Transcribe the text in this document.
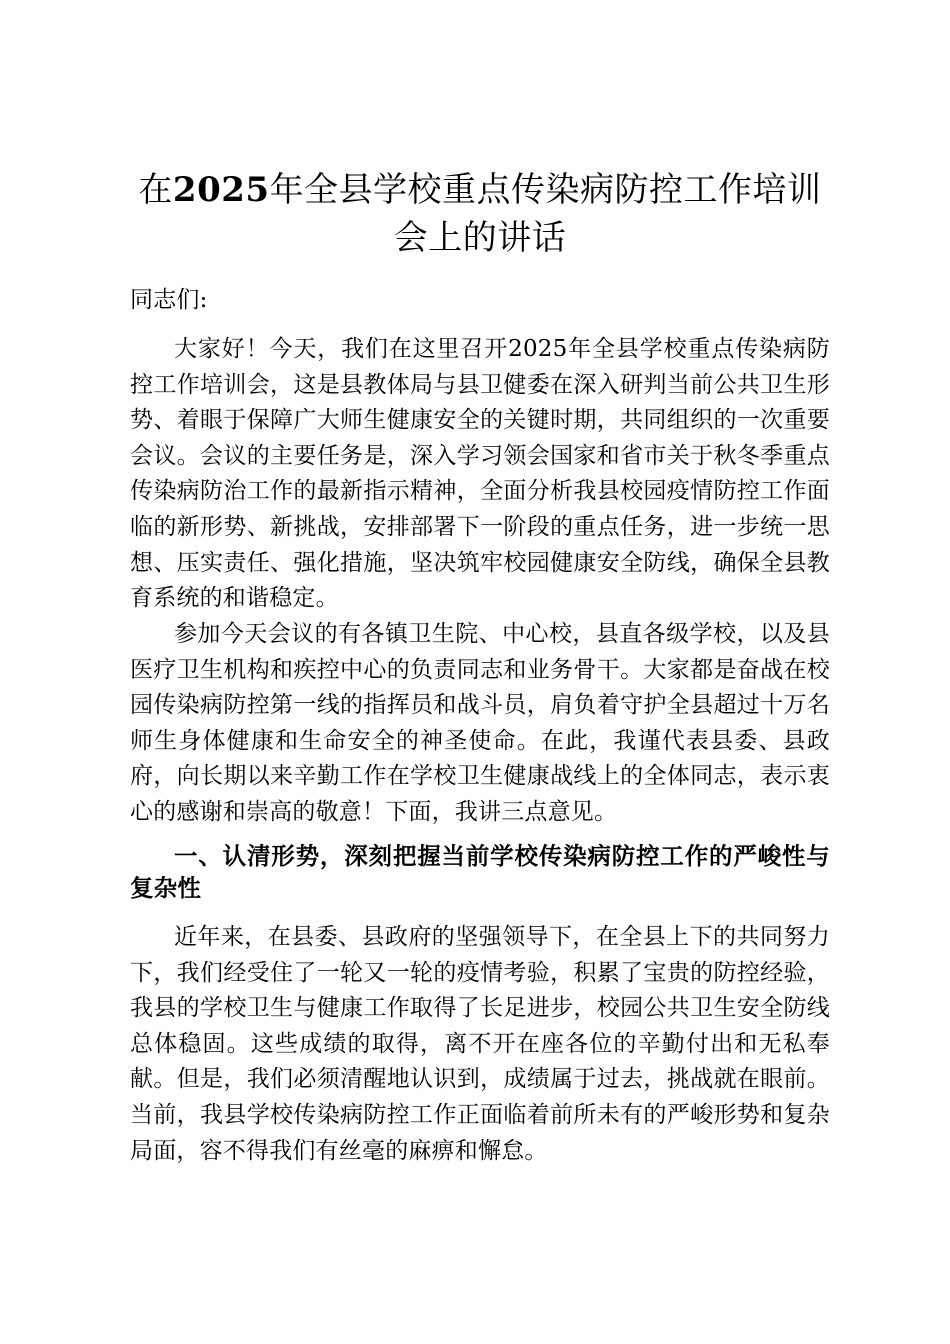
在2025年全县学校重点传染病防控工作培训会上的讲话

同志们:

大家好！今天，我们在这里召开2025年全县学校重点传染病防控工作培训会，这是县教体局与县卫健委在深入研判当前公共卫生形势、着眼于保障广大师生健康安全的关键时期，共同组织的一次重要会议。会议的主要任务是，深入学习领会国家和省市关于秋冬季重点传染病防治工作的最新指示精神，全面分析我县校园疫情防控工作面临的新形势、新挑战，安排部署下一阶段的重点任务，进一步统一思想、压实责任、强化措施，坚决筑牢校园健康安全防线，确保全县教育系统的和谐稳定。

参加今天会议的有各镇卫生院、中心校，县直各级学校，以及县医疗卫生机构和疾控中心的负责同志和业务骨干。大家都是奋战在校园传染病防控第一线的指挥员和战斗员，肩负着守护全县超过十万名师生身体健康和生命安全的神圣使命。在此，我谨代表县委、县政府，向长期以来辛勤工作在学校卫生健康战线上的全体同志，表示衷心的感谢和崇高的敬意！下面，我讲三点意见。

一、认清形势，深刻把握当前学校传染病防控工作的严峻性与复杂性

近年来，在县委、县政府的坚强领导下，在全县上下的共同努力下，我们经受住了一轮又一轮的疫情考验，积累了宝贵的防控经验，我县的学校卫生与健康工作取得了长足进步，校园公共卫生安全防线总体稳固。这些成绩的取得，离不开在座各位的辛勤付出和无私奉献。但是，我们必须清醒地认识到，成绩属于过去，挑战就在眼前。当前，我县学校传染病防控工作正面临着前所未有的严峻形势和复杂局面，容不得我们有丝毫的麻痹和懈怠。
